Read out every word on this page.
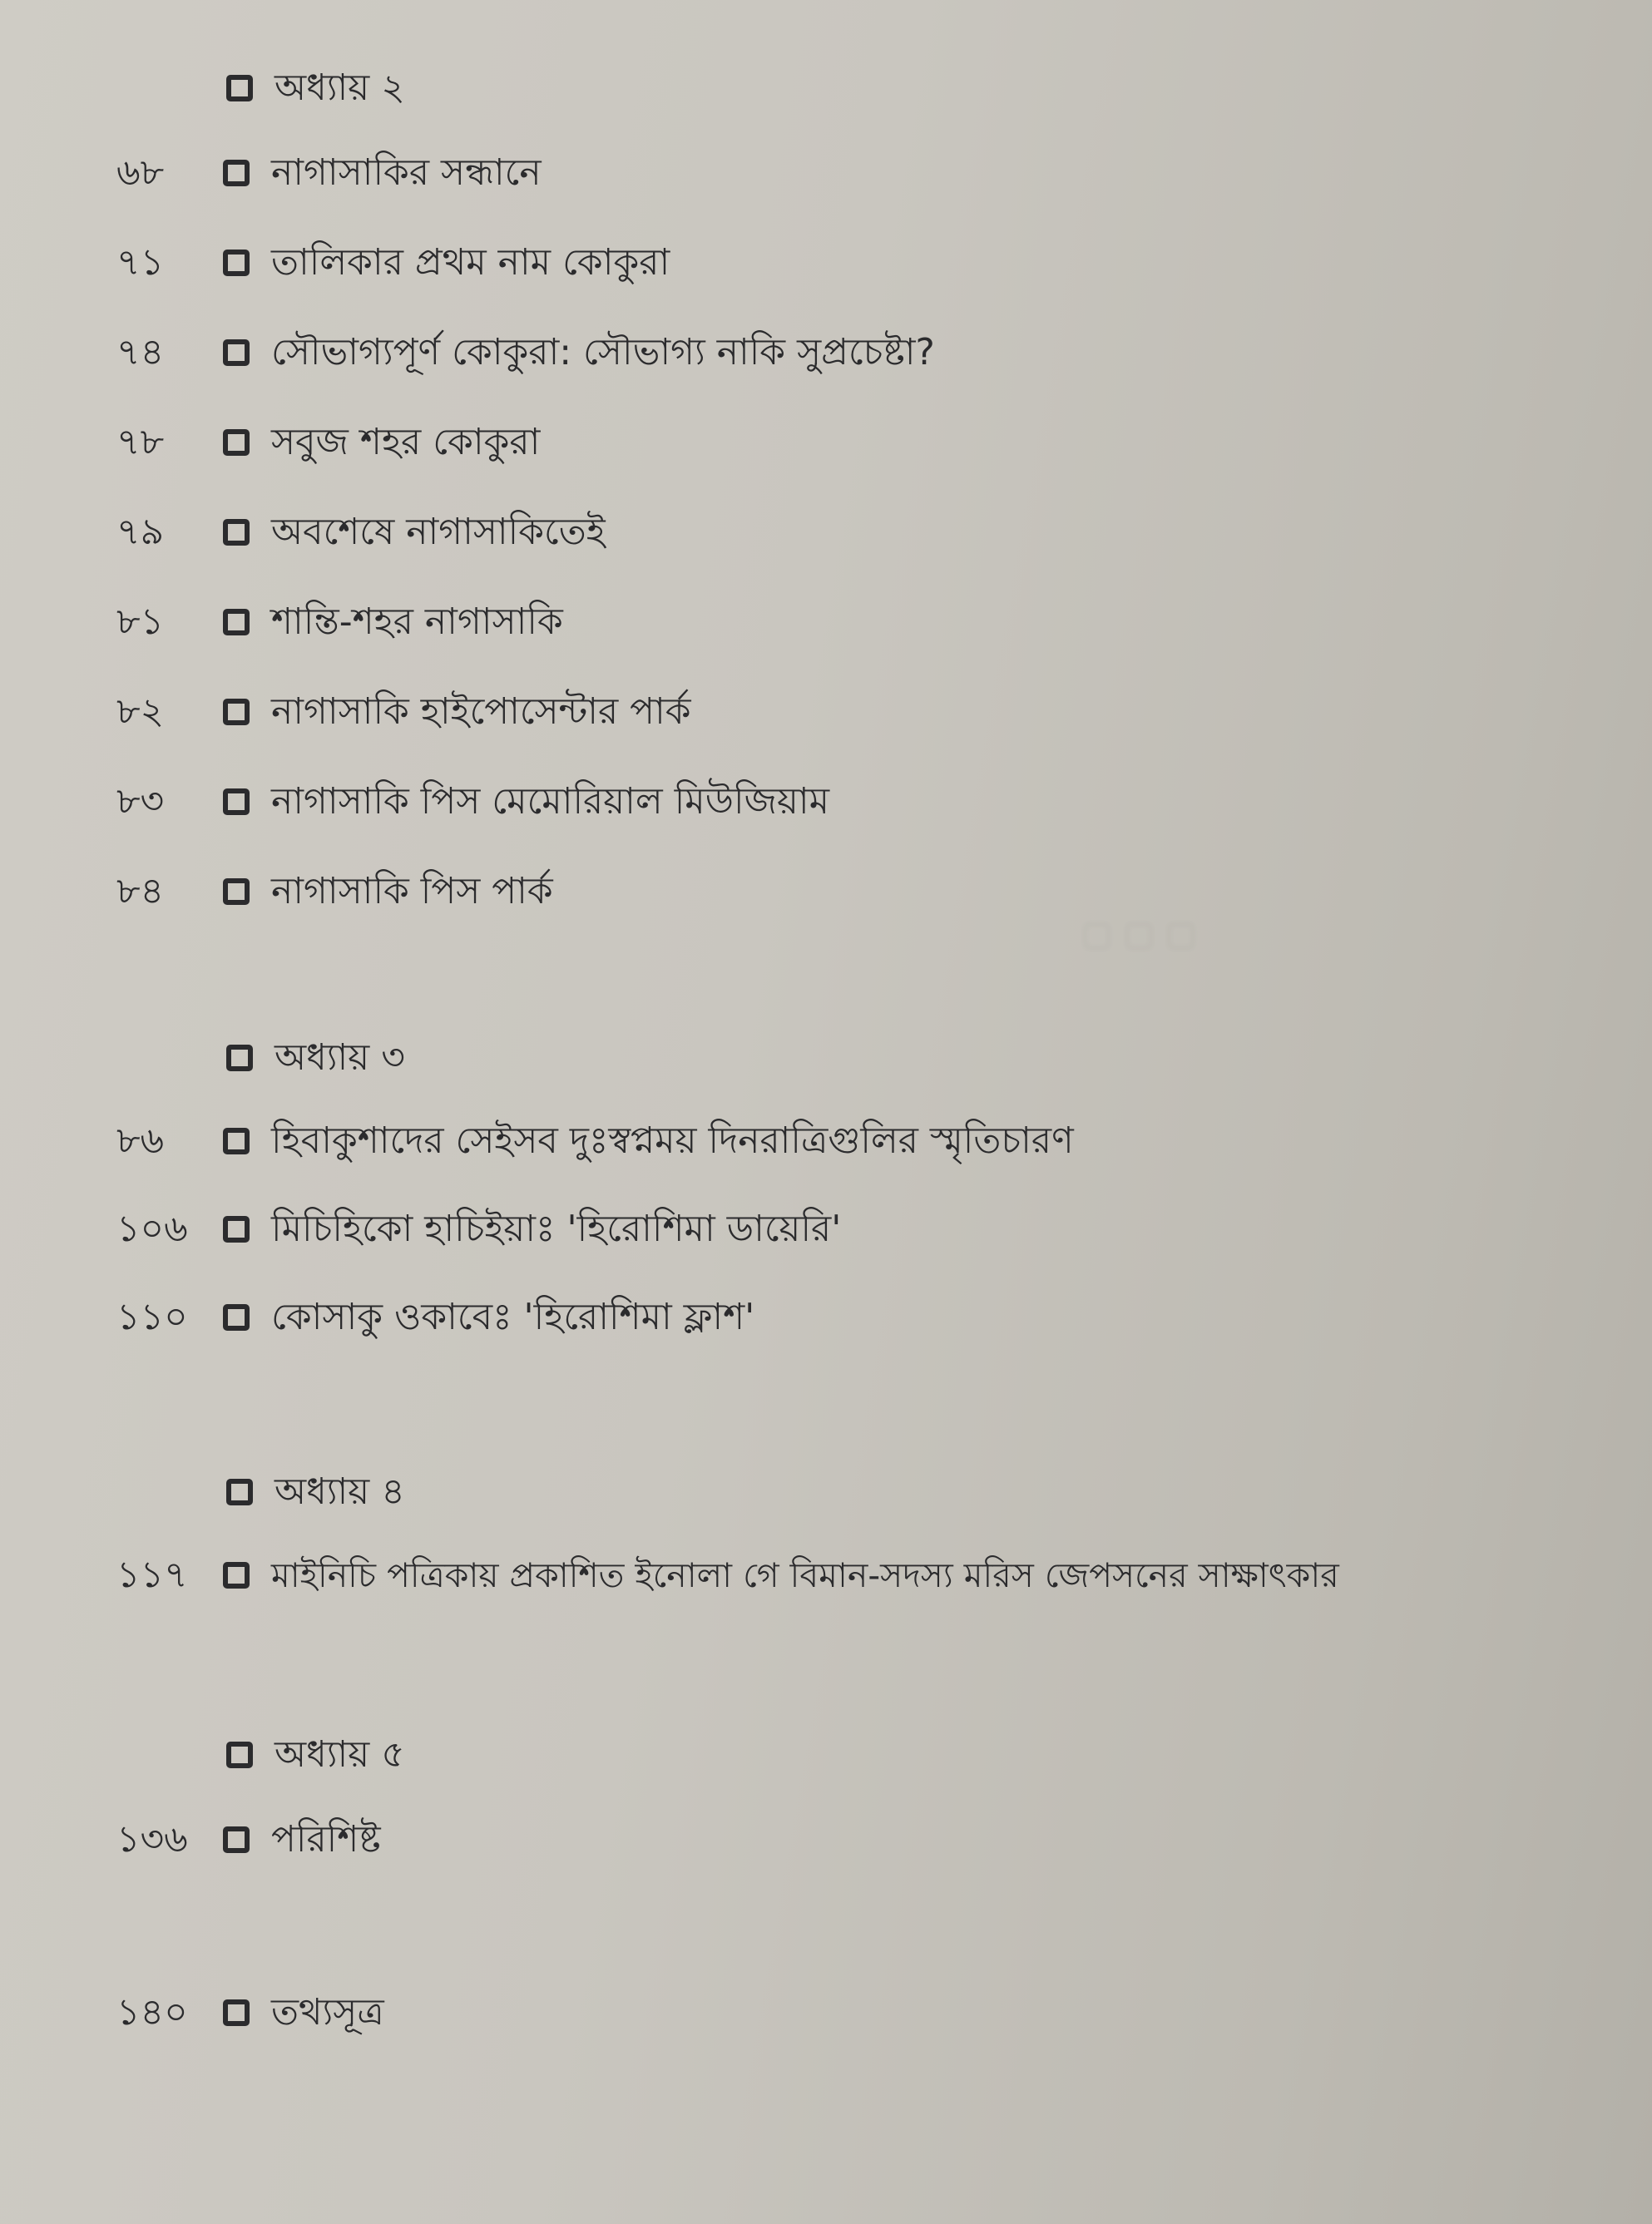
▢ ▢ ▢
অধ্যায় ২
৬৮	নাগাসাকির সন্ধানে
৭১	তালিকার প্রথম নাম কোকুরা
৭৪	সৌভাগ্যপূর্ণ কোকুরা: সৌভাগ্য নাকি সুপ্রচেষ্টা?
৭৮	সবুজ শহর কোকুরা
৭৯	অবশেষে নাগাসাকিতেই
৮১	শান্তি-শহর নাগাসাকি
৮২	নাগাসাকি হাইপোসেন্টার পার্ক
৮৩	নাগাসাকি পিস মেমোরিয়াল মিউজিয়াম
৮৪	নাগাসাকি পিস পার্ক
অধ্যায় ৩
৮৬	হিবাকুশাদের সেইসব দুঃস্বপ্নময় দিনরাত্রিগুলির স্মৃতিচারণ
১০৬	মিচিহিকো হাচিইয়াঃ 'হিরোশিমা ডায়েরি'
১১০	কোসাকু ওকাবেঃ 'হিরোশিমা ফ্লাশ'
অধ্যায় ৪
১১৭	মাইনিচি পত্রিকায় প্রকাশিত ইনোলা গে বিমান-সদস্য মরিস জেপসনের সাক্ষাৎকার
অধ্যায় ৫
১৩৬	পরিশিষ্ট
১৪০	তথ্যসূত্র
